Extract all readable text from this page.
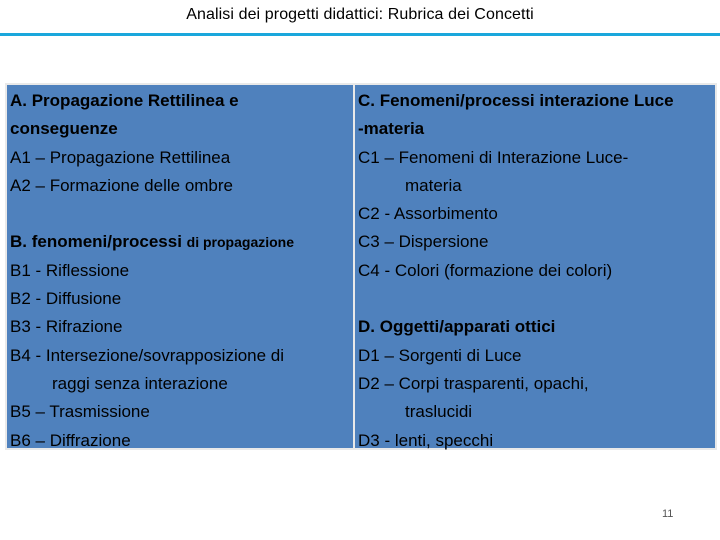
Analisi dei progetti didattici: Rubrica dei Concetti
A. Propagazione Rettilinea e
conseguenze
A1 – Propagazione Rettilinea
A2 – Formazione delle ombre
B. fenomeni/processi di propagazione
B1 - Riflessione
B2 - Diffusione
B3 - Rifrazione
B4 - Intersezione/sovrapposizione di
raggi senza interazione
B5 – Trasmissione
B6 – Diffrazione
C. Fenomeni/processi interazione Luce
-materia
C1 – Fenomeni di Interazione Luce-
materia
C2 - Assorbimento
C3 – Dispersione
C4 - Colori (formazione dei colori)
D. Oggetti/apparati ottici
D1 – Sorgenti di Luce
D2 – Corpi trasparenti, opachi,
traslucidi
D3 - lenti, specchi
11
